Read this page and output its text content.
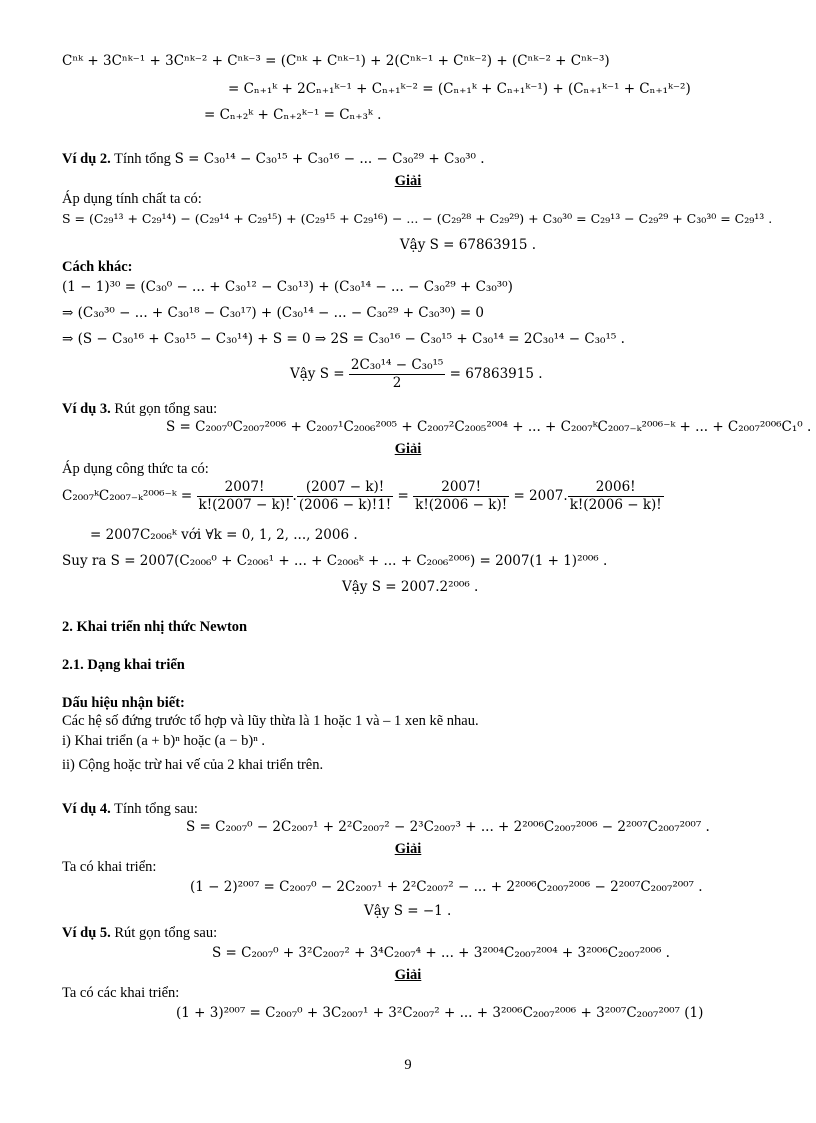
Cⁿᵏ + 3Cⁿᵏ⁻¹ + 3Cⁿᵏ⁻² + Cⁿᵏ⁻³ = (Cⁿᵏ + Cⁿᵏ⁻¹) + 2(Cⁿᵏ⁻¹ + Cⁿᵏ⁻²) + (Cⁿᵏ⁻² + Cⁿᵏ⁻³)
= Cₙ₊₁ᵏ + 2Cₙ₊₁ᵏ⁻¹ + Cₙ₊₁ᵏ⁻² = (Cₙ₊₁ᵏ + Cₙ₊₁ᵏ⁻¹) + (Cₙ₊₁ᵏ⁻¹ + Cₙ₊₁ᵏ⁻²)
= Cₙ₊₂ᵏ + Cₙ₊₂ᵏ⁻¹ = Cₙ₊₃ᵏ .
Ví dụ 2. Tính tổng S = C₃₀¹⁴ − C₃₀¹⁵ + C₃₀¹⁶ − ... − C₃₀²⁹ + C₃₀³⁰ .
Giải
Áp dụng tính chất ta có:
S = (C₂₉¹³ + C₂₉¹⁴) − (C₂₉¹⁴ + C₂₉¹⁵) + (C₂₉¹⁵ + C₂₉¹⁶) − ... − (C₂₉²⁸ + C₂₉²⁹) + C₃₀³⁰ = C₂₉¹³ − C₂₉²⁹ + C₃₀³⁰ = C₂₉¹³ .
Vậy S = 67863915 .
Cách khác:
(1 − 1)³⁰ = (C₃₀⁰ − ... + C₃₀¹² − C₃₀¹³) + (C₃₀¹⁴ − ... − C₃₀²⁹ + C₃₀³⁰)
⇒ (C₃₀³⁰ − ... + C₃₀¹⁸ − C₃₀¹⁷) + (C₃₀¹⁴ − ... − C₃₀²⁹ + C₃₀³⁰) = 0
⇒ (S − C₃₀¹⁶ + C₃₀¹⁵ − C₃₀¹⁴) + S = 0 ⇒ 2S = C₃₀¹⁶ − C₃₀¹⁵ + C₃₀¹⁴ = 2C₃₀¹⁴ − C₃₀¹⁵ .
Vậy $S = \frac{\text{2C₃₀¹⁴ − C₃₀¹⁵}}{2} = 67863915$ .
Ví dụ 3. Rút gọn tổng sau:
S = C₂₀₀₇⁰C₂₀₀₇²⁰⁰⁶ + C₂₀₀₇¹C₂₀₀₆²⁰⁰⁵ + C₂₀₀₇²C₂₀₀₅²⁰⁰⁴ + ... + C₂₀₀₇ᵏC₂₀₀₇₋ₖ²⁰⁰⁶⁻ᵏ + ... + C₂₀₀₇²⁰⁰⁶C₁⁰ .
Giải
Áp dụng công thức ta có:
C₂₀₀₇ᵏC₂₀₀₇₋ₖ²⁰⁰⁶⁻ᵏ = $\frac{2007!}{k!(2007 - k)!}$ . $\frac{(2007 - k)!}{(2006 - k)!1!} = \frac{2007!}{k!(2006 - k)!} = 2007$. $\frac{2006!}{k!(2006 - k)!}$
= 2007C₂₀₀₆ᵏ với ∀k = 0, 1, 2, ..., 2006 .
Suy ra S = 2007(C₂₀₀₆⁰ + C₂₀₀₆¹ + ... + C₂₀₀₆ᵏ + ... + C₂₀₀₆²⁰⁰⁶) = 2007(1 + 1)²⁰⁰⁶ .
Vậy S = 2007.2²⁰⁰⁶ .
2. Khai triển nhị thức Newton
2.1. Dạng khai triển
Dấu hiệu nhận biết:
Các hệ số đứng trước tổ hợp và lũy thừa là 1 hoặc 1 và – 1 xen kẽ nhau.
i) Khai triển (a + b)ⁿ hoặc (a − b)ⁿ .
ii) Cộng hoặc trừ hai vế của 2 khai triển trên.
Ví dụ 4. Tính tổng sau:
S = C₂₀₀₇⁰ − 2C₂₀₀₇¹ + 2²C₂₀₀₇² − 2³C₂₀₀₇³ + ... + 2²⁰⁰⁶C₂₀₀₇²⁰⁰⁶ − 2²⁰⁰⁷C₂₀₀₇²⁰⁰⁷ .
Giải
Ta có khai triển:
(1 − 2)²⁰⁰⁷ = C₂₀₀₇⁰ − 2C₂₀₀₇¹ + 2²C₂₀₀₇² − ... + 2²⁰⁰⁶C₂₀₀₇²⁰⁰⁶ − 2²⁰⁰⁷C₂₀₀₇²⁰⁰⁷ .
Vậy S = −1 .
Ví dụ 5. Rút gọn tổng sau:
S = C₂₀₀₇⁰ + 3²C₂₀₀₇² + 3⁴C₂₀₀₇⁴ + ... + 3²⁰⁰⁴C₂₀₀₇²⁰⁰⁴ + 3²⁰⁰⁶C₂₀₀₇²⁰⁰⁶ .
Giải
Ta có các khai triển:
(1 + 3)²⁰⁰⁷ = C₂₀₀₇⁰ + 3C₂₀₀₇¹ + 3²C₂₀₀₇² + ... + 3²⁰⁰⁶C₂₀₀₇²⁰⁰⁶ + 3²⁰⁰⁷C₂₀₀₇²⁰⁰⁷ (1)
9
